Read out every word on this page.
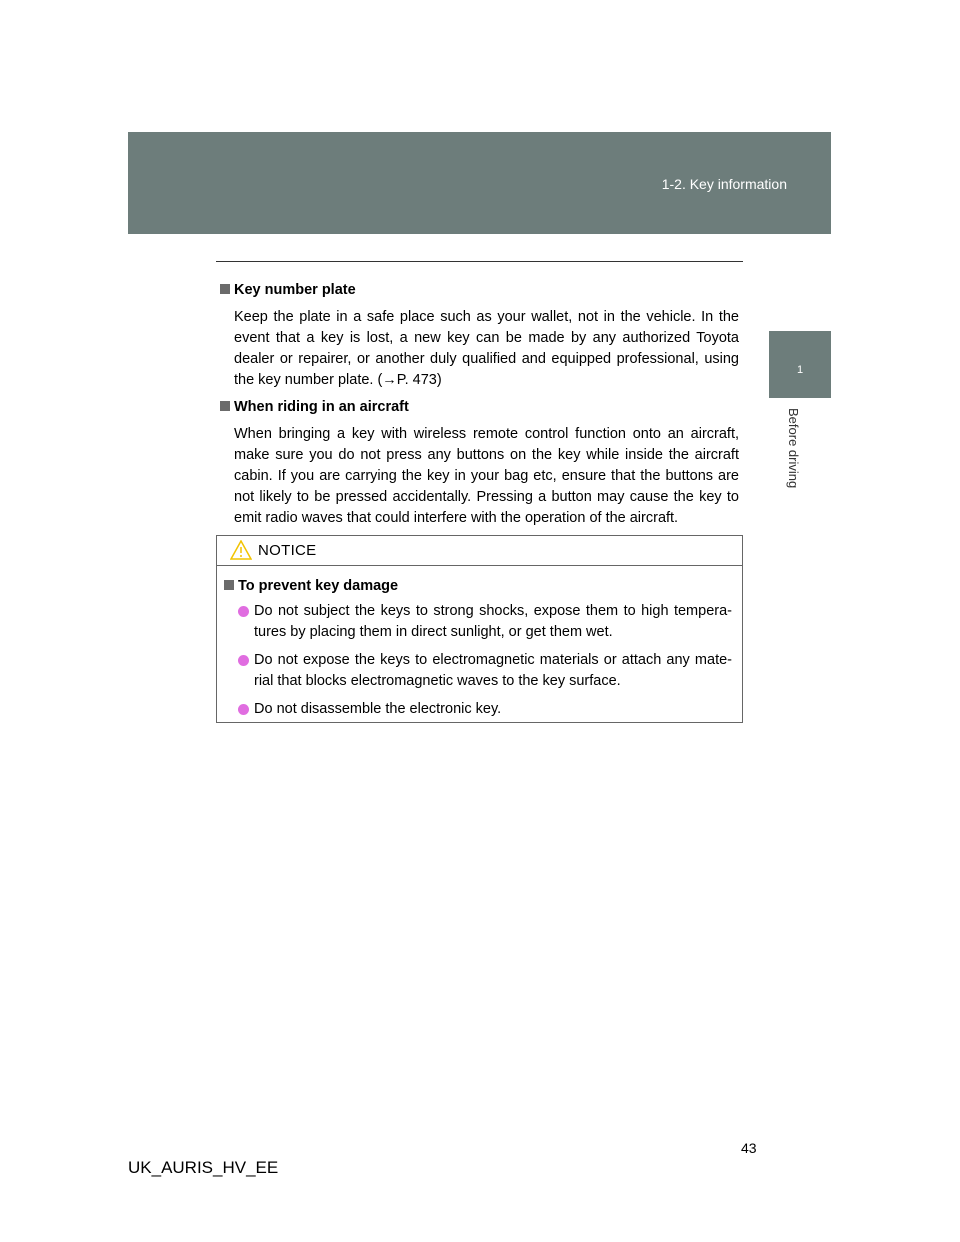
1-2. Key information
1
Before driving
Key number plate

Keep the plate in a safe place such as your wallet, not in the vehicle. In the event that a key is lost, a new key can be made by any authorized Toyota dealer or repairer, or another duly qualified and equipped professional, using the key number plate. (→P. 473)

When riding in an aircraft

When bringing a key with wireless remote control function onto an aircraft, make sure you do not press any buttons on the key while inside the aircraft cabin. If you are carrying the key in your bag etc, ensure that the buttons are not likely to be pressed accidentally. Pressing a button may cause the key to emit radio waves that could interfere with the operation of the aircraft.

NOTICE
To prevent key damage
Do not subject the keys to strong shocks, expose them to high tempera-tures by placing them in direct sunlight, or get them wet.
Do not expose the keys to electromagnetic materials or attach any mate-rial that blocks electromagnetic waves to the key surface.
Do not disassemble the electronic key.
43
UK_AURIS_HV_EE
